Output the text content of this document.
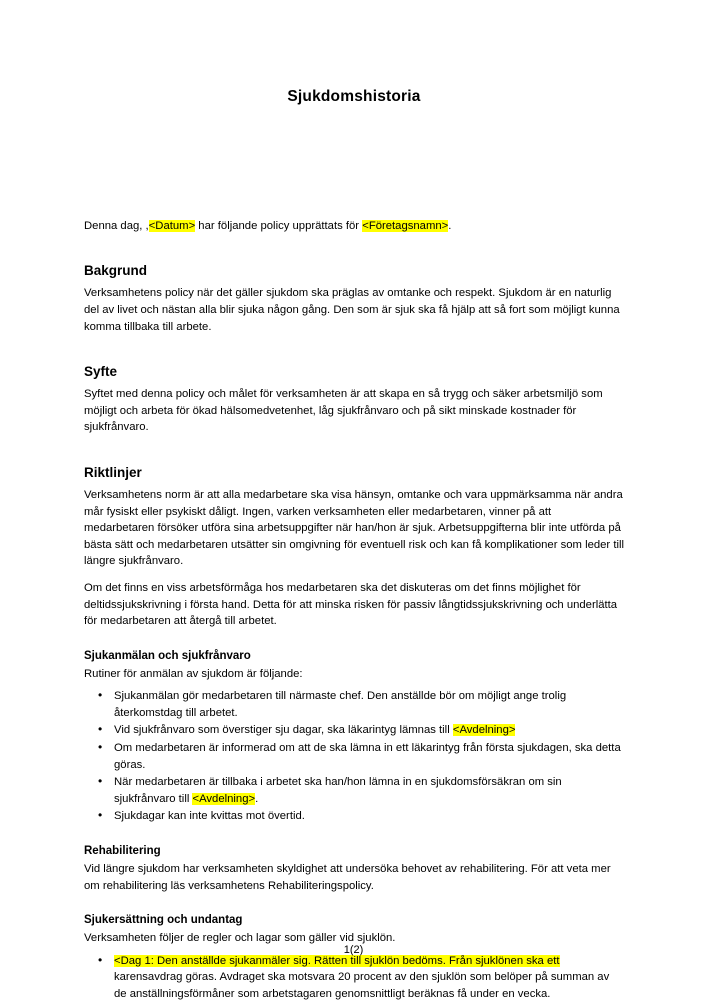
Sjukdomshistoria

Denna dag, ,<Datum> har följande policy upprättats för <Företagsnamn>.

Bakgrund

Verksamhetens policy när det gäller sjukdom ska präglas av omtanke och respekt. Sjukdom är en naturlig del av livet och nästan alla blir sjuka någon gång. Den som är sjuk ska få hjälp att så fort som möjligt kunna komma tillbaka till arbete.

Syfte

Syftet med denna policy och målet för verksamheten är att skapa en så trygg och säker arbetsmiljö som möjligt och arbeta för ökad hälsomedvetenhet, låg sjukfrånvaro och på sikt minskade kostnader för sjukfrånvaro.

Riktlinjer

Verksamhetens norm är att alla medarbetare ska visa hänsyn, omtanke och vara uppmärksamma när andra mår fysiskt eller psykiskt dåligt. Ingen, varken verksamheten eller medarbetaren, vinner på att medarbetaren försöker utföra sina arbetsuppgifter när han/hon är sjuk. Arbetsuppgifterna blir inte utförda på bästa sätt och medarbetaren utsätter sin omgivning för eventuell risk och kan få komplikationer som leder till längre sjukfrånvaro.

Om det finns en viss arbetsförmåga hos medarbetaren ska det diskuteras om det finns möjlighet för deltidssjukskrivning i första hand. Detta för att minska risken för passiv långtidssjukskrivning och underlätta för medarbetaren att återgå till arbetet.

Sjukanmälan och sjukfrånvaro

Rutiner för anmälan av sjukdom är följande:

• Sjukanmälan gör medarbetaren till närmaste chef. Den anställde bör om möjligt ange trolig återkomstdag till arbetet.
• Vid sjukfrånvaro som överstiger sju dagar, ska läkarintyg lämnas till <Avdelning>
• Om medarbetaren är informerad om att de ska lämna in ett läkarintyg från första sjukdagen, ska detta göras.
• När medarbetaren är tillbaka i arbetet ska han/hon lämna in en sjukdomsförsäkran om sin sjukfrånvaro till <Avdelning>.
• Sjukdagar kan inte kvittas mot övertid.
Rehabilitering

Vid längre sjukdom har verksamheten skyldighet att undersöka behovet av rehabilitering. För att veta mer om rehabilitering läs verksamhetens Rehabiliteringspolicy.

Sjukersättning och undantag

Verksamheten följer de regler och lagar som gäller vid sjuklön.

• <Dag 1: Den anställde sjukanmäler sig. Rätten till sjuklön bedöms. Från sjuklönen ska ett karensavdrag göras. Avdraget ska motsvara 20 procent av den sjuklön som belöper på summan av de anställningsförmåner som arbetstagaren genomsnittligt beräknas få under en vecka.
1(2)
